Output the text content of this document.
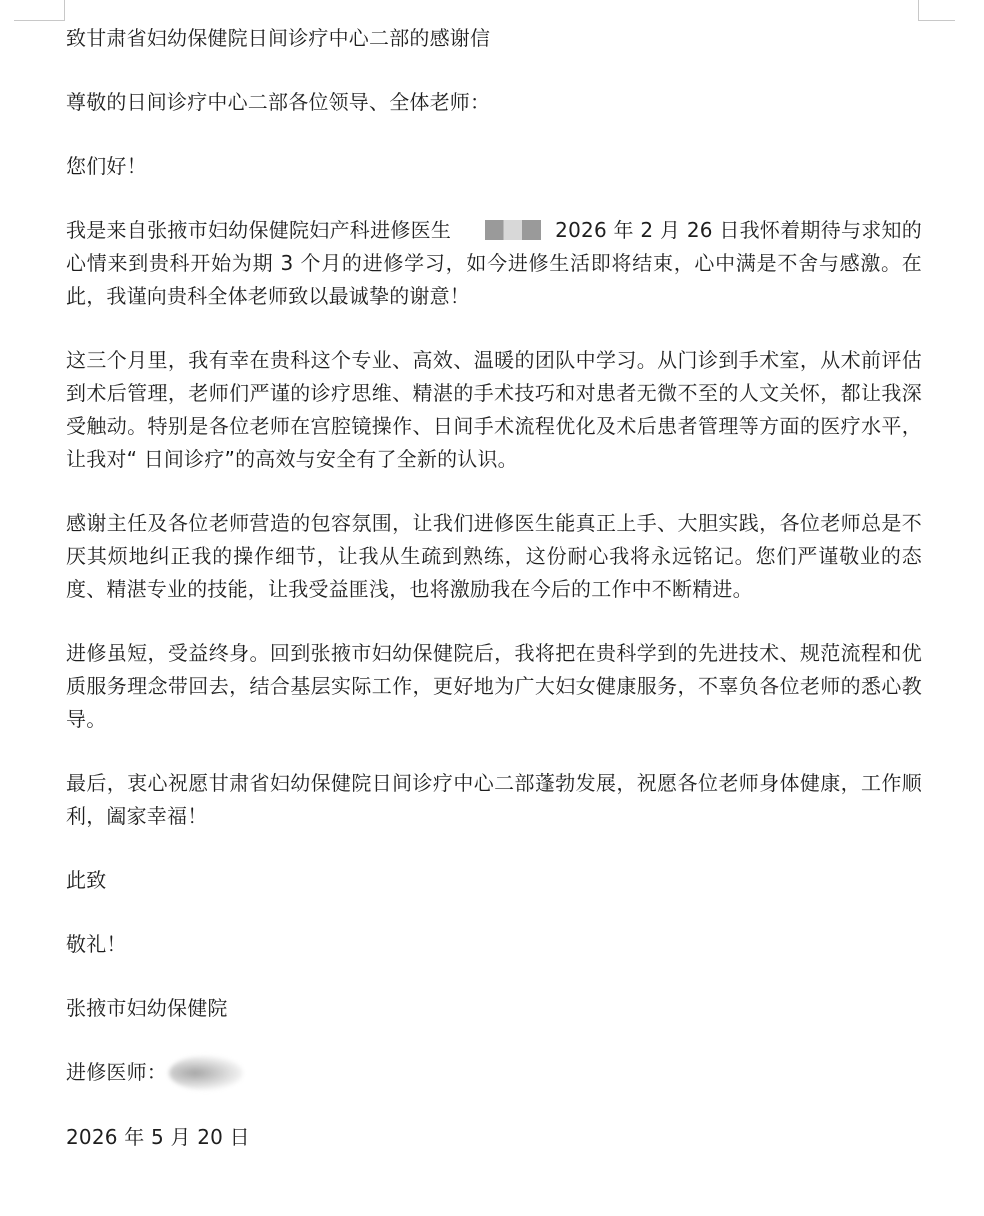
致甘肃省妇幼保健院日间诊疗中心二部的感谢信

尊敬的日间诊疗中心二部各位领导、全体老师：

您们好！

我是来自张掖市妇幼保健院妇产科进修医生	2026 年 2 月 26 日我怀着期待与求知的心情来到贵科开始为期 3 个月的进修学习，如今进修生活即将结束，心中满是不舍与感激。在此，我谨向贵科全体老师致以最诚挚的谢意！

这三个月里，我有幸在贵科这个专业、高效、温暖的团队中学习。从门诊到手术室，从术前评估到术后管理，老师们严谨的诊疗思维、精湛的手术技巧和对患者无微不至的人文关怀，都让我深受触动。特别是各位老师在宫腔镜操作、日间手术流程优化及术后患者管理等方面的医疗水平，让我对“ 日间诊疗”的高效与安全有了全新的认识。

感谢主任及各位老师营造的包容氛围，让我们进修医生能真正上手、大胆实践，各位老师总是不厌其烦地纠正我的操作细节，让我从生疏到熟练，这份耐心我将永远铭记。您们严谨敬业的态度、精湛专业的技能，让我受益匪浅，也将激励我在今后的工作中不断精进。

进修虽短，受益终身。回到张掖市妇幼保健院后，我将把在贵科学到的先进技术、规范流程和优质服务理念带回去，结合基层实际工作，更好地为广大妇女健康服务，不辜负各位老师的悉心教导。

最后，衷心祝愿甘肃省妇幼保健院日间诊疗中心二部蓬勃发展，祝愿各位老师身体健康，工作顺利，阖家幸福！

此致

敬礼！

张掖市妇幼保健院

进修医师：

2026 年 5 月 20 日
